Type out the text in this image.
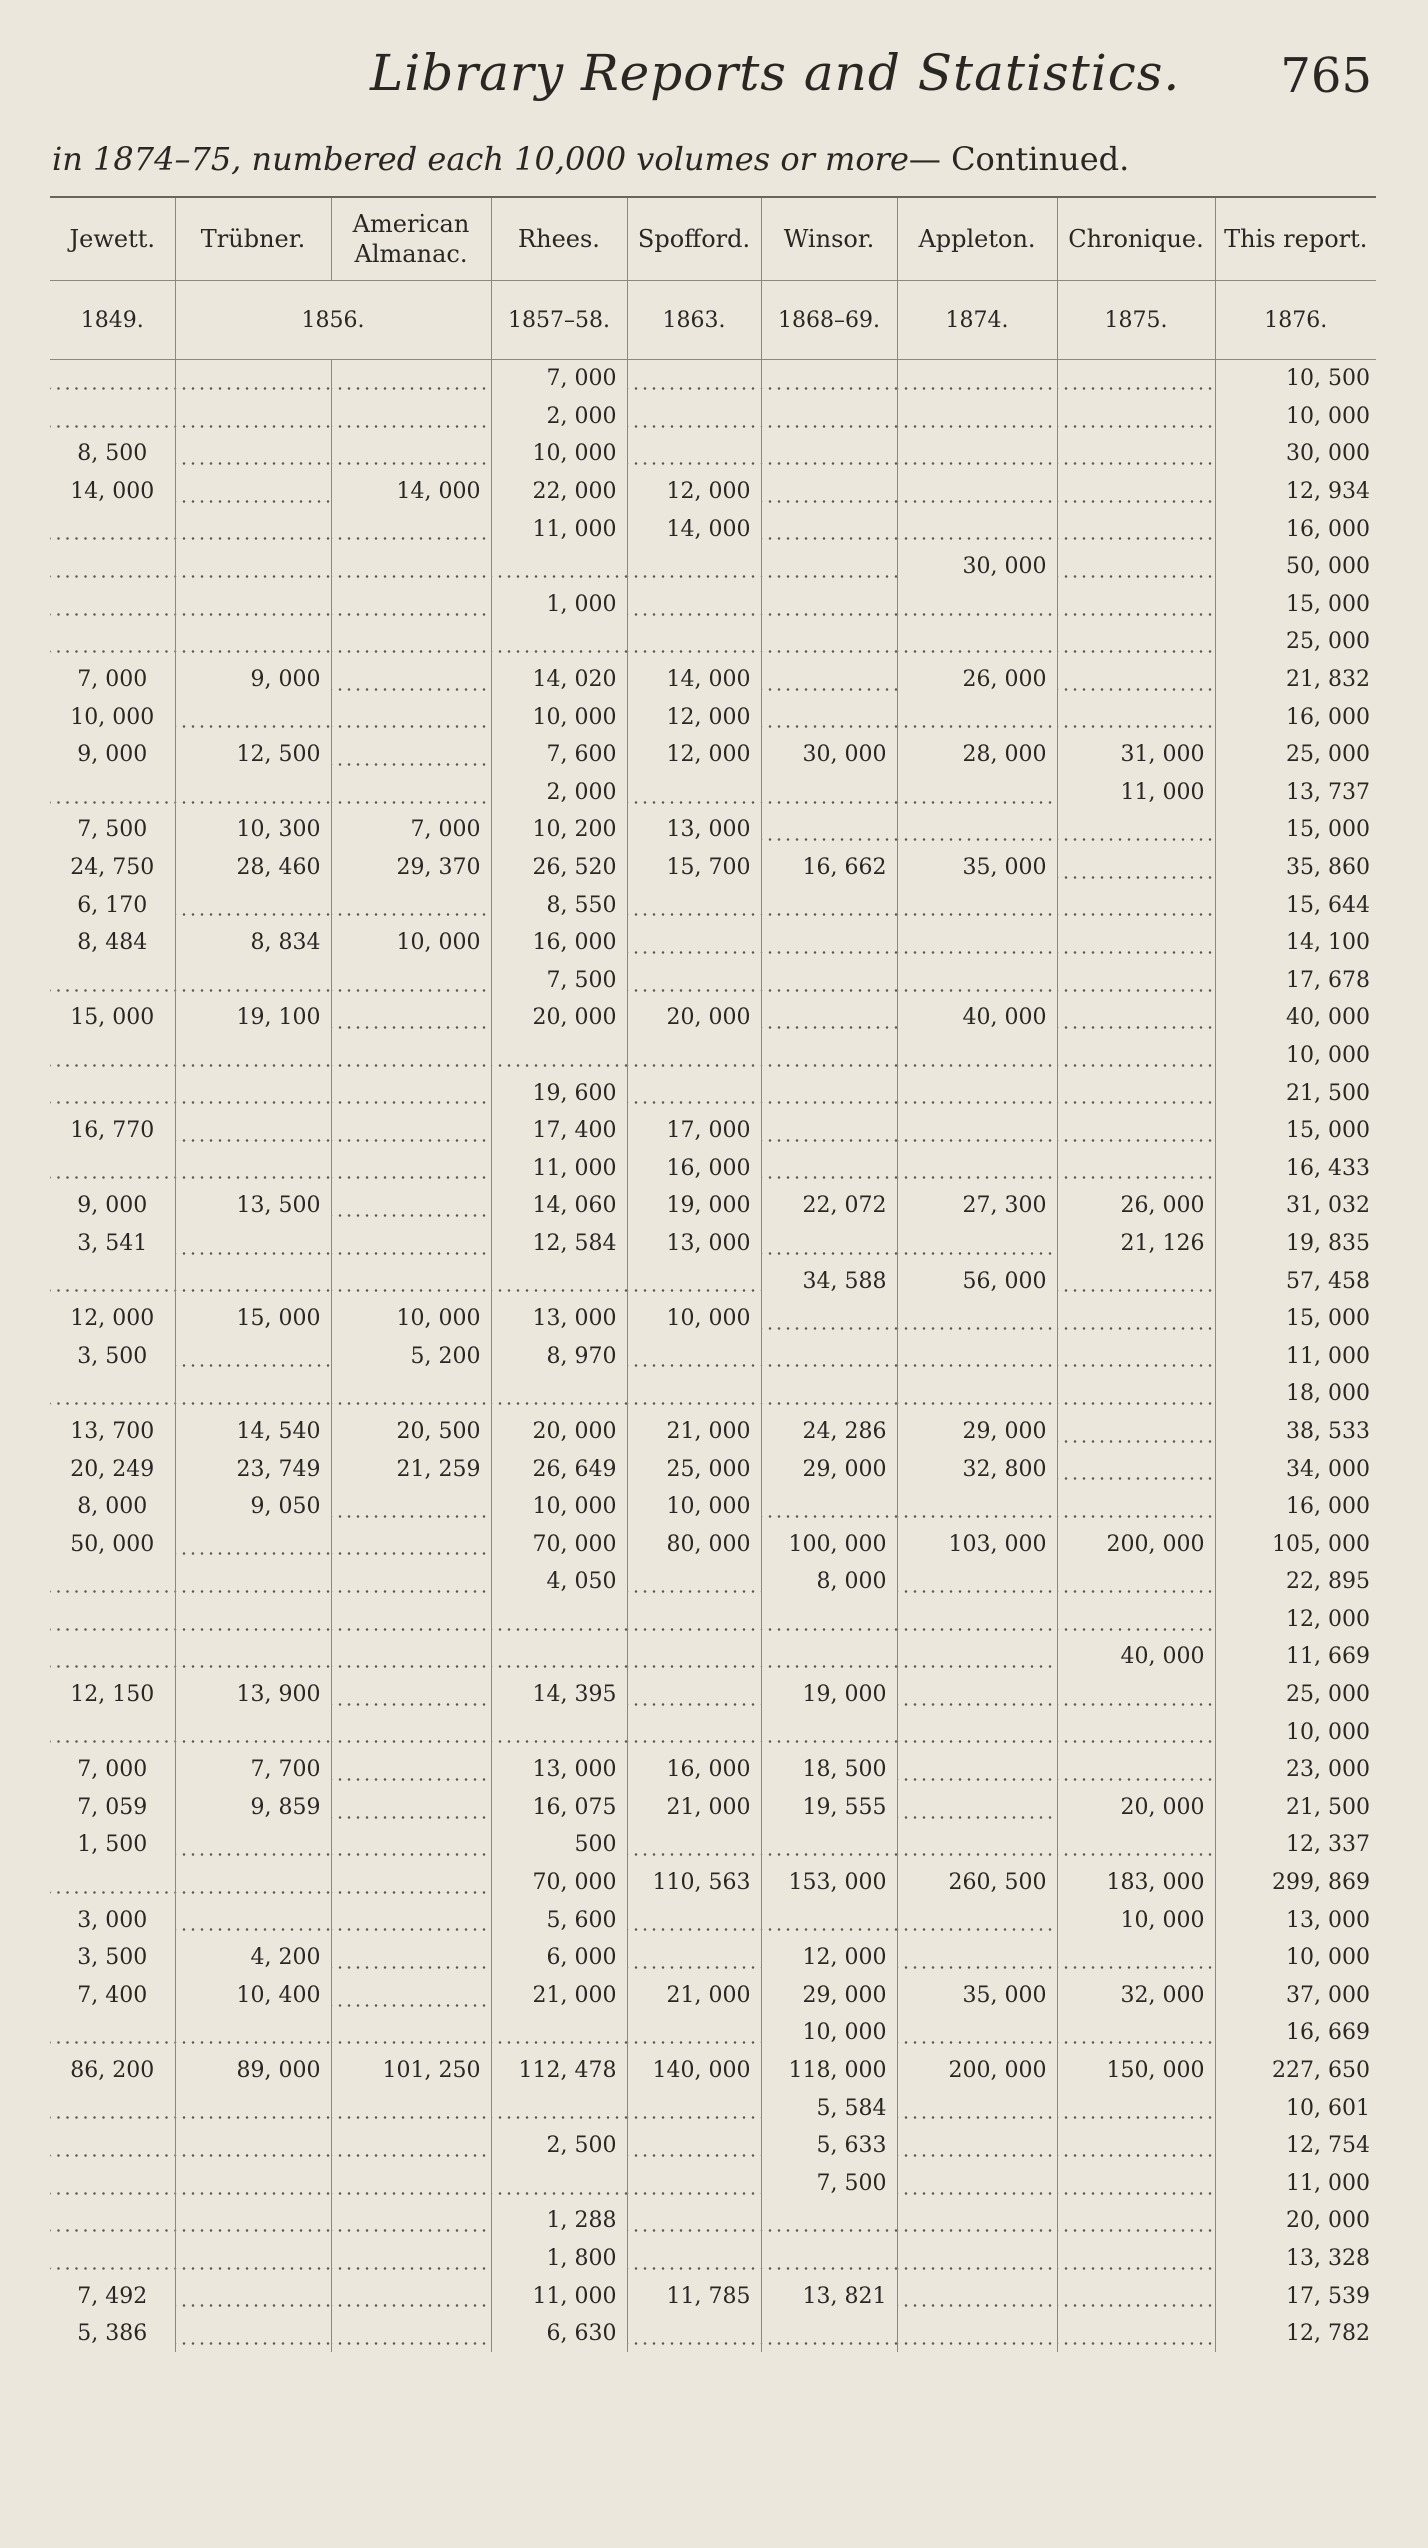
Library Reports and Statistics. 765
in 1874–75, numbered each 10,000 volumes or more— Continued.
Jewett.	Trübner.	American Almanac.	Rhees.	Spofford.	Winsor.	Appleton.	Chronique.	This report.
1849.	1856.		1857–58.	1863.	1868–69.	1874.	1875.	1876.
			7, 000					10, 500
			2, 000					10, 000
8, 500			10, 000					30, 000
14, 000		14, 000	22, 000	12, 000				12, 934
			11, 000	14, 000				16, 000
						30, 000		50, 000
			1, 000					15, 000
								25, 000
7, 000	9, 000		14, 020	14, 000		26, 000		21, 832
10, 000			10, 000	12, 000				16, 000
9, 000	12, 500		7, 600	12, 000	30, 000	28, 000	31, 000	25, 000
			2, 000				11, 000	13, 737
7, 500	10, 300	7, 000	10, 200	13, 000				15, 000
24, 750	28, 460	29, 370	26, 520	15, 700	16, 662	35, 000		35, 860
6, 170			8, 550					15, 644
8, 484	8, 834	10, 000	16, 000					14, 100
			7, 500					17, 678
15, 000	19, 100		20, 000	20, 000		40, 000		40, 000
								10, 000
			19, 600					21, 500
16, 770			17, 400	17, 000				15, 000
			11, 000	16, 000				16, 433
9, 000	13, 500		14, 060	19, 000	22, 072	27, 300	26, 000	31, 032
3, 541			12, 584	13, 000			21, 126	19, 835
					34, 588	56, 000		57, 458
12, 000	15, 000	10, 000	13, 000	10, 000				15, 000
3, 500		5, 200	8, 970					11, 000
								18, 000
13, 700	14, 540	20, 500	20, 000	21, 000	24, 286	29, 000		38, 533
20, 249	23, 749	21, 259	26, 649	25, 000	29, 000	32, 800		34, 000
8, 000	9, 050		10, 000	10, 000				16, 000
50, 000			70, 000	80, 000	100, 000	103, 000	200, 000	105, 000
			4, 050		8, 000			22, 895
								12, 000
							40, 000	11, 669
12, 150	13, 900		14, 395		19, 000			25, 000
								10, 000
7, 000	7, 700		13, 000	16, 000	18, 500			23, 000
7, 059	9, 859		16, 075	21, 000	19, 555		20, 000	21, 500
1, 500			500					12, 337
			70, 000	110, 563	153, 000	260, 500	183, 000	299, 869
3, 000			5, 600				10, 000	13, 000
3, 500	4, 200		6, 000		12, 000			10, 000
7, 400	10, 400		21, 000	21, 000	29, 000	35, 000	32, 000	37, 000
					10, 000			16, 669
86, 200	89, 000	101, 250	112, 478	140, 000	118, 000	200, 000	150, 000	227, 650
					5, 584			10, 601
			2, 500		5, 633			12, 754
					7, 500			11, 000
			1, 288					20, 000
			1, 800					13, 328
7, 492			11, 000	11, 785	13, 821			17, 539
5, 386			6, 630					12, 782
